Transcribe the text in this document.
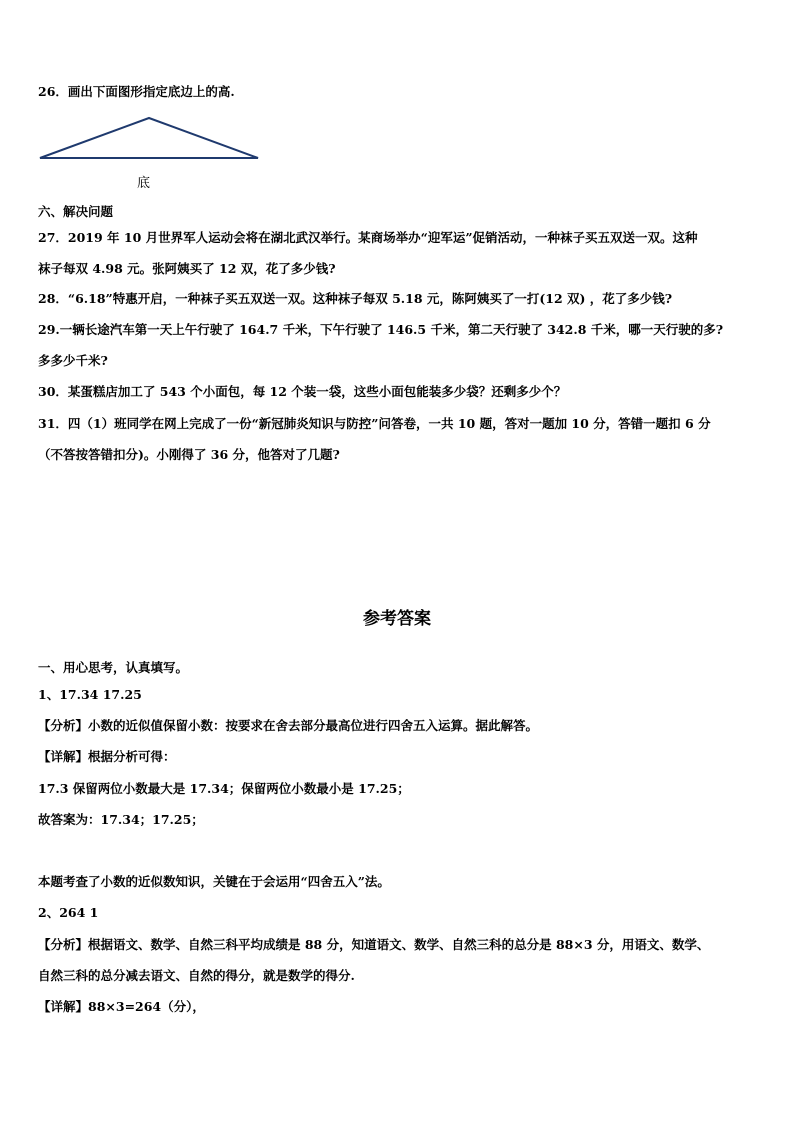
26．画出下面图形指定底边上的高.
底
六、解决问题
27．2019 年 10 月世界军人运动会将在湖北武汉举行。某商场举办“迎军运”促销活动，一种袜子买五双送一双。这种
袜子每双 4.98 元。张阿姨买了 12 双，花了多少钱?
28．“6.18”特惠开启，一种袜子买五双送一双。这种袜子每双 5.18 元，陈阿姨买了一打(12 双) ，花了多少钱?
29.一辆长途汽车第一天上午行驶了 164.7 千米，下午行驶了 146.5 千米，第二天行驶了 342.8 千米，哪一天行驶的多?
多多少千米?
30．某蛋糕店加工了 543 个小面包，每 12 个装一袋，这些小面包能装多少袋？还剩多少个？
31．四（1）班同学在网上完成了一份“新冠肺炎知识与防控”问答卷，一共 10 题，答对一题加 10 分，答错一题扣 6 分
（不答按答错扣分)。小刚得了 36 分，他答对了几题?
参考答案
一、用心思考，认真填写。
1、17.34 17.25
【分析】小数的近似值保留小数：按要求在舍去部分最高位进行四舍五入运算。据此解答。
【详解】根据分析可得：
17.3 保留两位小数最大是 17.34；保留两位小数最小是 17.25；
故答案为：17.34；17.25；
本题考查了小数的近似数知识，关键在于会运用“四舍五入”法。
2、264 1
【分析】根据语文、数学、自然三科平均成绩是 88 分，知道语文、数学、自然三科的总分是 88×3 分，用语文、数学、
自然三科的总分减去语文、自然的得分，就是数学的得分.
【详解】88×3=264（分），
